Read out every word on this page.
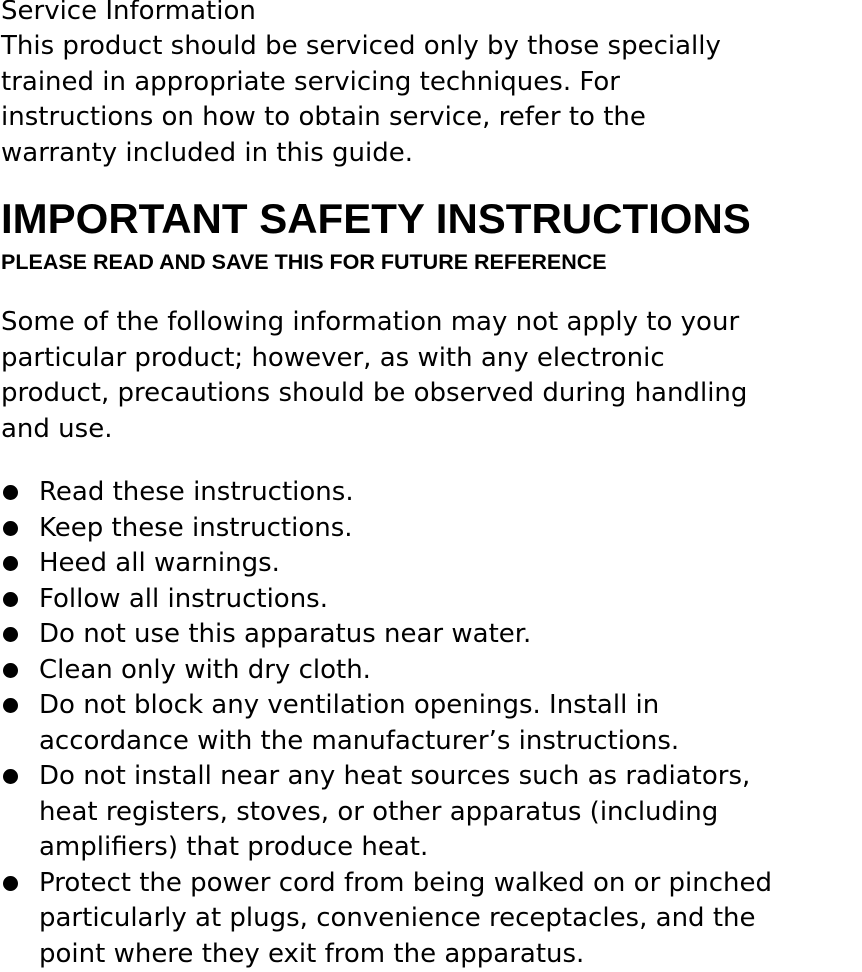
Service Information
This product should be serviced only by those specially
trained in appropriate servicing techniques. For
instructions on how to obtain service, refer to the
warranty included in this guide.
IMPORTANT SAFETY INSTRUCTIONS
PLEASE READ AND SAVE THIS FOR FUTURE REFERENCE
Some of the following information may not apply to your
particular product; however, as with any electronic
product, precautions should be observed during handling
and use.
Read these instructions.
Keep these instructions.
Heed all warnings.
Follow all instructions.
Do not use this apparatus near water.
Clean only with dry cloth.
Do not block any ventilation openings. Install in
accordance with the manufacturer’s instructions.
Do not install near any heat sources such as radiators,
heat registers, stoves, or other apparatus (including
amplifiers) that produce heat.
Protect the power cord from being walked on or pinched
particularly at plugs, convenience receptacles, and the
point where they exit from the apparatus.
